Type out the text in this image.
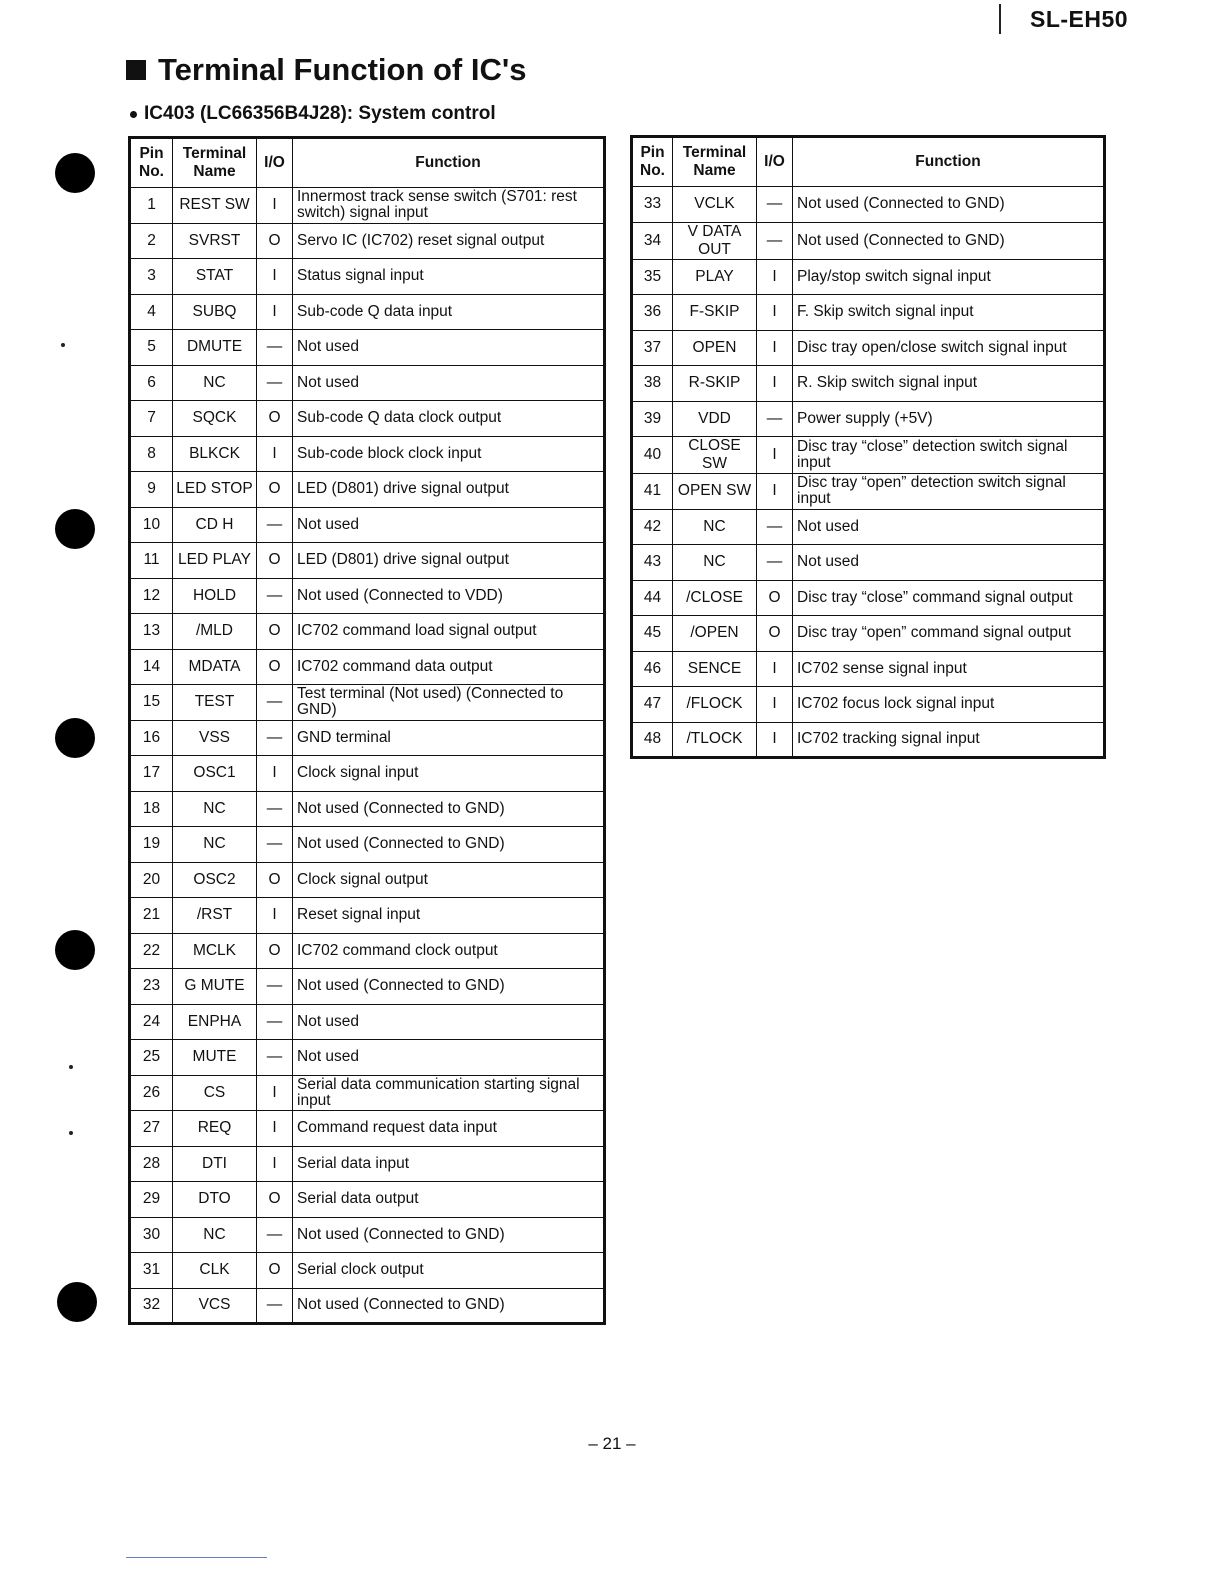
SL-EH50
Terminal Function of IC's
IC403 (LC66356B4J28): System control
Pin No.	Terminal Name	I/O	Function
1	REST SW	I	Innermost track sense switch (S701: rest switch) signal input
2	SVRST	O	Servo IC (IC702) reset signal output
3	STAT	I	Status signal input
4	SUBQ	I	Sub-code Q data input
5	DMUTE	—	Not used
6	NC	—	Not used
7	SQCK	O	Sub-code Q data clock output
8	BLKCK	I	Sub-code block clock input
9	LED STOP	O	LED (D801) drive signal output
10	CD H	—	Not used
11	LED PLAY	O	LED (D801) drive signal output
12	HOLD	—	Not used (Connected to VDD)
13	/MLD	O	IC702 command load signal output
14	MDATA	O	IC702 command data output
15	TEST	—	Test terminal (Not used) (Connected to GND)
16	VSS	—	GND terminal
17	OSC1	I	Clock signal input
18	NC	—	Not used (Connected to GND)
19	NC	—	Not used (Connected to GND)
20	OSC2	O	Clock signal output
21	/RST	I	Reset signal input
22	MCLK	O	IC702 command clock output
23	G MUTE	—	Not used (Connected to GND)
24	ENPHA	—	Not used
25	MUTE	—	Not used
26	CS	I	Serial data communication starting signal input
27	REQ	I	Command request data input
28	DTI	I	Serial data input
29	DTO	O	Serial data output
30	NC	—	Not used (Connected to GND)
31	CLK	O	Serial clock output
32	VCS	—	Not used (Connected to GND)
Pin No.	Terminal Name	I/O	Function
33	VCLK	—	Not used (Connected to GND)
34	V DATA OUT	—	Not used (Connected to GND)
35	PLAY	I	Play/stop switch signal input
36	F-SKIP	I	F. Skip switch signal input
37	OPEN	I	Disc tray open/close switch signal input
38	R-SKIP	I	R. Skip switch signal input
39	VDD	—	Power supply (+5V)
40	CLOSE SW	I	Disc tray “close” detection switch signal input
41	OPEN SW	I	Disc tray “open” detection switch signal input
42	NC	—	Not used
43	NC	—	Not used
44	/CLOSE	O	Disc tray “close” command signal output
45	/OPEN	O	Disc tray “open” command signal output
46	SENCE	I	IC702 sense signal input
47	/FLOCK	I	IC702 focus lock signal input
48	/TLOCK	I	IC702 tracking signal input
– 21 –
